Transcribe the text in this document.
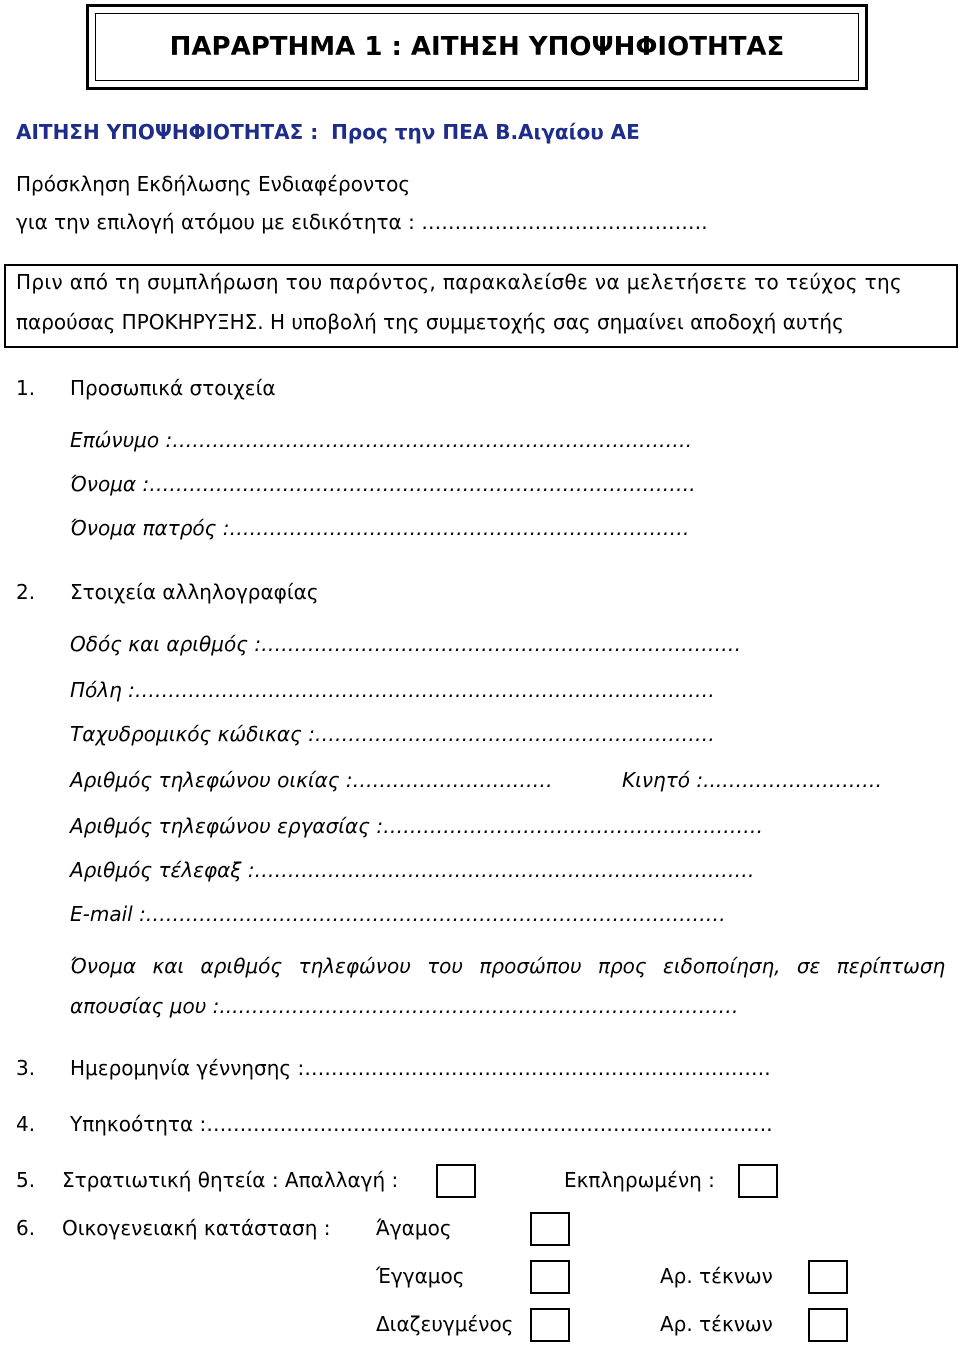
ΠΑΡΑΡΤΗΜΑ 1 : ΑΙΤΗΣΗ ΥΠΟΨΗΦΙΟΤΗΤΑΣ
ΑΙΤΗΣΗ ΥΠΟΨΗΦΙΟΤΗΤΑΣ : Προς την ΠΕΑ Β.Αιγαίου ΑΕ
Πρόσκληση Εκδήλωσης Ενδιαφέροντος
για την επιλογή ατόμου με ειδικότητα : …………………………………….
Πριν από τη συμπλήρωση του παρόντος, παρακαλείσθε να μελετήσετε το τεύχος της
παρούσας ΠΡΟΚΗΡΥΞΗΣ. Η υποβολή της συμμετοχής σας σημαίνει αποδοχή αυτής
1. Προσωπικά στοιχεία
Επώνυμο :……………………………………………………………………
Όνομα :……………………………………………………………………….
Όνομα πατρός :……………………………………………………………
2. Στοιχεία αλληλογραφίας
Οδός και αριθμός :………………………………………………………………
Πόλη :……………………………………………………………………………
Ταχυδρομικός κώδικας :……………………………………………………
Αριθμός τηλεφώνου οικίας :…………………………	Κινητό :...……………………
Αριθμός τηλεφώνου εργασίας :…………………………………………………
Αριθμός τέλεφαξ :…………………………………………………………………
E-mail :……………………………………………………………………………
Όνομα και αριθμός τηλεφώνου του προσώπου προς ειδοποίηση, σε περίπτωση
απουσίας μου :...…………………………………………………………………
3. Ημερομηνία γέννησης :…………………………………………………………….
4. Υπηκοότητα :………………………………………………………………………….
5. Στρατιωτική θητεία : Απαλλαγή :	Εκπληρωμένη :
6. Οικογενειακή κατάσταση : Άγαμος
Έγγαμος	Αρ. τέκνων
Διαζευγμένος	Αρ. τέκνων
